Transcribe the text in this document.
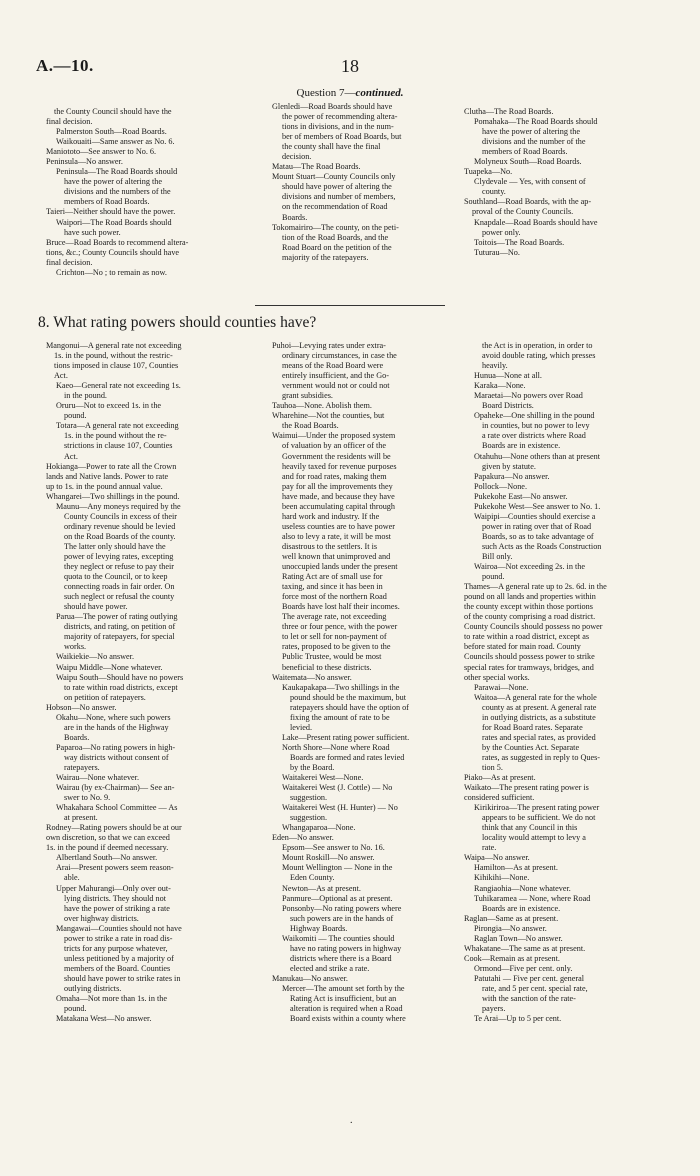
A.—10.	18
Question 7—continued.
the County Council should have the
final decision.
Palmerston South—Road Boards.
Waikouaiti—Same answer as No. 6.
Maniototo—See answer to No. 6.
Peninsula—No answer.
Peninsula—The Road Boards should
have the power of altering the
divisions and the numbers of the
members of Road Boards.
Taieri—Neither should have the power.
Waipori—The Road Boards should
have such power.
Bruce—Road Boards to recommend altera-
tions, &c.; County Councils should have
final decision.
Crichton—No ; to remain as now.
Glenledi—Road Boards should have
the power of recommending altera-
tions in divisions, and in the num-
ber of members of Road Boards, but
the county shall have the final
decision.
Matau—The Road Boards.
Mount Stuart—County Councils only
should have power of altering the
divisions and number of members,
on the recommendation of Road
Boards.
Tokomairiro—The county, on the peti-
tion of the Road Boards, and the
Road Board on the petition of the
majority of the ratepayers.
Clutha—The Road Boards.
Pomahaka—The Road Boards should
have the power of altering the
divisions and the number of the
members of Road Boards.
Molyneux South—Road Boards.
Tuapeka—No.
Clydevale — Yes, with consent of
county.
Southland—Road Boards, with the ap-
proval of the County Councils.
Knapdale—Road Boards should have
power only.
Toitois—The Road Boards.
Tuturau—No.
8. What rating powers should counties have?
Mangonui—A general rate not exceeding
1s. in the pound, without the restric-
tions imposed in clause 107, Counties
Act.
Kaeo—General rate not exceeding 1s.
in the pound.
Oruru—Not to exceed 1s. in the
pound.
Totara—A general rate not exceeding
1s. in the pound without the re-
strictions in clause 107, Counties
Act.
Hokianga—Power to rate all the Crown
lands and Native lands. Power to rate
up to 1s. in the pound annual value.
Whangarei—Two shillings in the pound.
Maunu—Any moneys required by the
County Councils in excess of their
ordinary revenue should be levied
on the Road Boards of the county.
The latter only should have the
power of levying rates, excepting
they neglect or refuse to pay their
quota to the Council, or to keep
connecting roads in fair order. On
such neglect or refusal the county
should have power.
Parua—The power of rating outlying
districts, and rating, on petition of
majority of ratepayers, for special
works.
Waikiekie—No answer.
Waipu Middle—None whatever.
Waipu South—Should have no powers
to rate within road districts, except
on petition of ratepayers.
Hobson—No answer.
Okahu—None, where such powers
are in the hands of the Highway
Boards.
Paparoa—No rating powers in high-
way districts without consent of
ratepayers.
Wairau—None whatever.
Wairau (by ex-Chairman)— See an-
swer to No. 9.
Whakahara School Committee — As
at present.
Rodney—Rating powers should be at our
own discretion, so that we can exceed
1s. in the pound if deemed necessary.
Albertland South—No answer.
Arai—Present powers seem reason-
able.
Upper Mahurangi—Only over out-
lying districts. They should not
have the power of striking a rate
over highway districts.
Mangawai—Counties should not have
power to strike a rate in road dis-
tricts for any purpose whatever,
unless petitioned by a majority of
members of the Board. Counties
should have power to strike rates in
outlying districts.
Omaha—Not more than 1s. in the
pound.
Matakana West—No answer.
Puhoi—Levying rates under extra-
ordinary circumstances, in case the
means of the Road Board were
entirely insufficient, and the Go-
vernment would not or could not
grant subsidies.
Tauhoa—None. Abolish them.
Wharehine—Not the counties, but
the Road Boards.
Waimui—Under the proposed system
of valuation by an officer of the
Government the residents will be
heavily taxed for revenue purposes
and for road rates, making them
pay for all the improvements they
have made, and because they have
been accumulating capital through
hard work and industry. If the
useless counties are to have power
also to levy a rate, it will be most
disastrous to the settlers. It is
well known that unimproved and
unoccupied lands under the present
Rating Act are of small use for
taxing, and since it has been in
force most of the northern Road
Boards have lost half their incomes.
The average rate, not exceeding
three or four pence, with the power
to let or sell for non-payment of
rates, proposed to be given to the
Public Trustee, would be most
beneficial to these districts.
Waitemata—No answer.
Kaukapakapa—Two shillings in the
pound should be the maximum, but
ratepayers should have the option of
fixing the amount of rate to be
levied.
Lake—Present rating power sufficient.
North Shore—None where Road
Boards are formed and rates levied
by the Board.
Waitakerei West—None.
Waitakerei West (J. Cottle) — No
suggestion.
Waitakerei West (H. Hunter) — No
suggestion.
Whangaparoa—None.
Eden—No answer.
Epsom—See answer to No. 16.
Mount Roskill—No answer.
Mount Wellington — None in the
Eden County.
Newton—As at present.
Panmure—Optional as at present.
Ponsonby—No rating powers where
such powers are in the hands of
Highway Boards.
Waikomiti — The counties should
have no rating powers in highway
districts where there is a Board
elected and strike a rate.
Manukau—No answer.
Mercer—The amount set forth by the
Rating Act is insufficient, but an
alteration is required when a Road
Board exists within a county where
the Act is in operation, in order to
avoid double rating, which presses
heavily.
Hunua—None at all.
Karaka—None.
Maraetai—No powers over Road
Board Districts.
Opaheke—One shilling in the pound
in counties, but no power to levy
a rate over districts where Road
Boards are in existence.
Otahuhu—None others than at present
given by statute.
Papakura—No answer.
Pollock—None.
Pukekohe East—No answer.
Pukekohe West—See answer to No. 1.
Waipipi—Counties should exercise a
power in rating over that of Road
Boards, so as to take advantage of
such Acts as the Roads Construction
Bill only.
Wairoa—Not exceeding 2s. in the
pound.
Thames—A general rate up to 2s. 6d. in the
pound on all lands and properties within
the county except within those portions
of the county comprising a road district.
County Councils should possess no power
to rate within a road district, except as
before stated for main road. County
Councils should possess power to strike
special rates for tramways, bridges, and
other special works.
Parawai—None.
Waitoa—A general rate for the whole
county as at present. A general rate
in outlying districts, as a substitute
for Road Board rates. Separate
rates and special rates, as provided
by the Counties Act. Separate
rates, as suggested in reply to Ques-
tion 5.
Piako—As at present.
Waikato—The present rating power is
considered sufficient.
Kirikiriroa—The present rating power
appears to be sufficient. We do not
think that any Council in this
locality would attempt to levy a
rate.
Waipa—No answer.
Hamilton—As at present.
Kihikihi—None.
Rangiaohia—None whatever.
Tuhikaramea — None, where Road
Boards are in existence.
Raglan—Same as at present.
Pirongia—No answer.
Raglan Town—No answer.
Whakatane—The same as at present.
Cook—Remain as at present.
Ormond—Five per cent. only.
Patutahi — Five per cent. general
rate, and 5 per cent. special rate,
with the sanction of the rate-
payers.
Te Arai—Up to 5 per cent.
.
